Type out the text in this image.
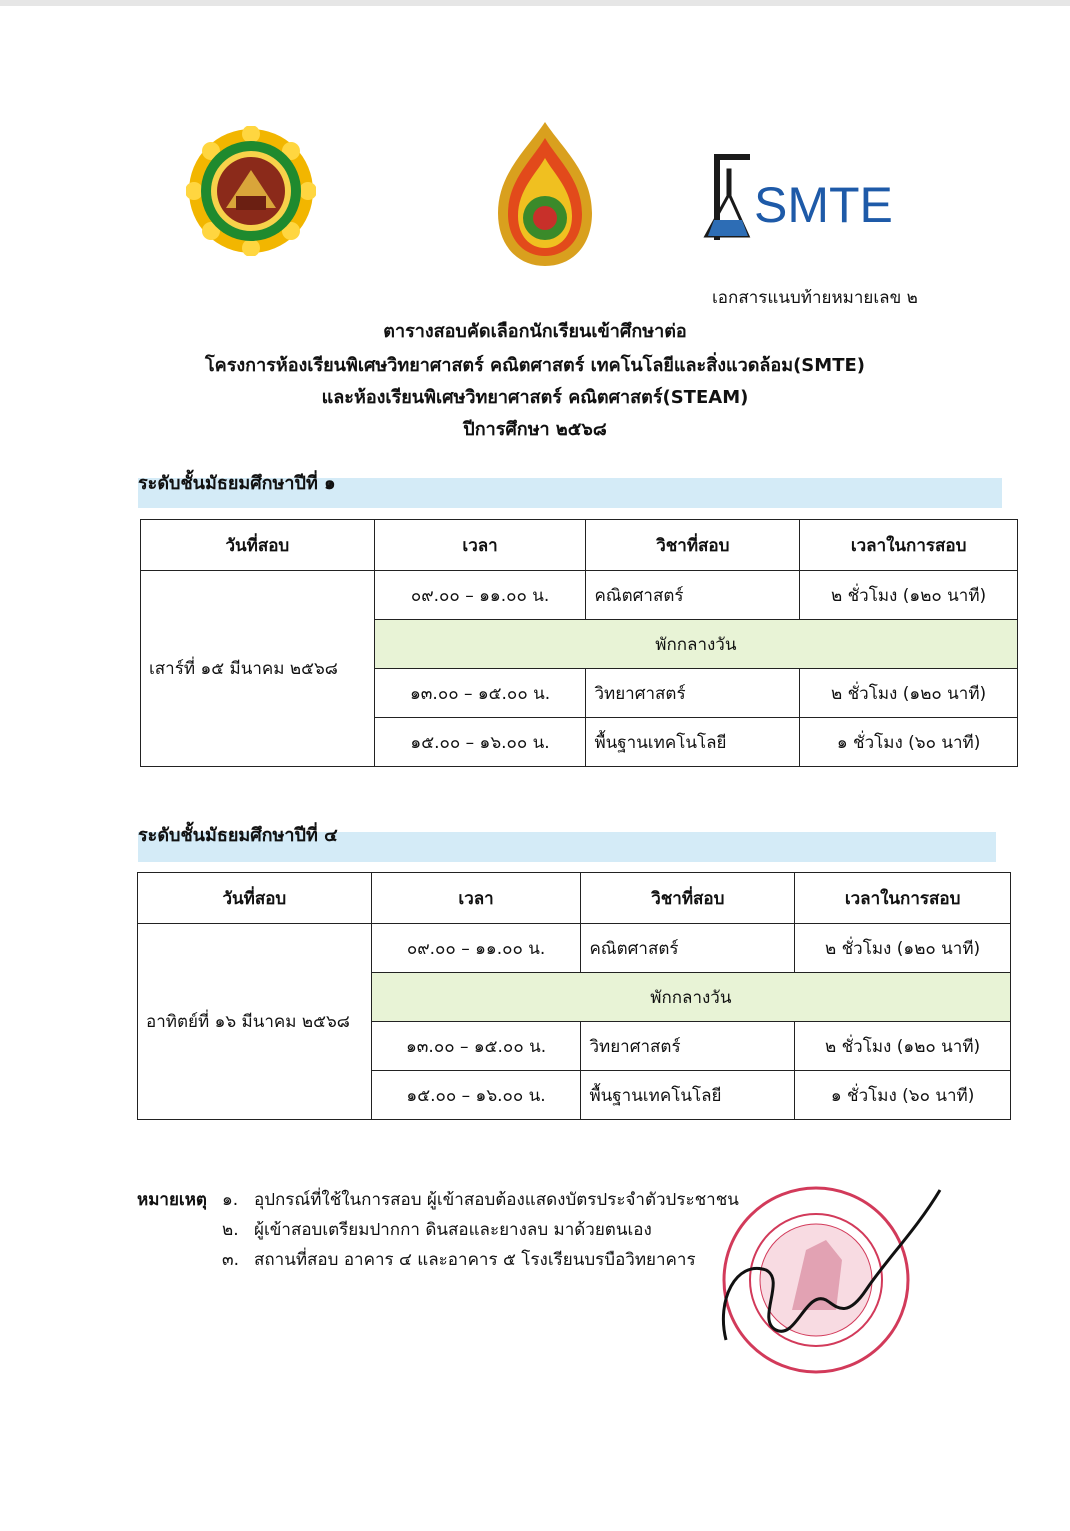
SMTE
เอกสารแนบท้ายหมายเลข ๒
ตารางสอบคัดเลือกนักเรียนเข้าศึกษาต่อ
โครงการห้องเรียนพิเศษวิทยาศาสตร์ คณิตศาสตร์ เทคโนโลยีและสิ่งแวดล้อม(SMTE)
และห้องเรียนพิเศษวิทยาศาสตร์ คณิตศาสตร์(STEAM)
ปีการศึกษา ๒๕๖๘
ระดับชั้นมัธยมศึกษาปีที่ ๑
วันที่สอบ	เวลา	วิชาที่สอบ	เวลาในการสอบ
เสาร์ที่ ๑๕ มีนาคม ๒๕๖๘	๐๙.๐๐ – ๑๑.๐๐ น.	คณิตศาสตร์	๒ ชั่วโมง (๑๒๐ นาที)
	พักกลางวัน		
	๑๓.๐๐ – ๑๕.๐๐ น.	วิทยาศาสตร์	๒ ชั่วโมง (๑๒๐ นาที)
	๑๕.๐๐ – ๑๖.๐๐ น.	พื้นฐานเทคโนโลยี	๑ ชั่วโมง (๖๐ นาที)
ระดับชั้นมัธยมศึกษาปีที่ ๔
วันที่สอบ	เวลา	วิชาที่สอบ	เวลาในการสอบ
อาทิตย์ที่ ๑๖ มีนาคม ๒๕๖๘	๐๙.๐๐ – ๑๑.๐๐ น.	คณิตศาสตร์	๒ ชั่วโมง (๑๒๐ นาที)
	พักกลางวัน		
	๑๓.๐๐ – ๑๕.๐๐ น.	วิทยาศาสตร์	๒ ชั่วโมง (๑๒๐ นาที)
	๑๕.๐๐ – ๑๖.๐๐ น.	พื้นฐานเทคโนโลยี	๑ ชั่วโมง (๖๐ นาที)
หมายเหตุ ๑. อุปกรณ์ที่ใช้ในการสอบ ผู้เข้าสอบต้องแสดงบัตรประจำตัวประชาชน
๒. ผู้เข้าสอบเตรียมปากกา ดินสอและยางลบ มาด้วยตนเอง
๓. สถานที่สอบ อาคาร ๔ และอาคาร ๕ โรงเรียนบรบือวิทยาคาร
